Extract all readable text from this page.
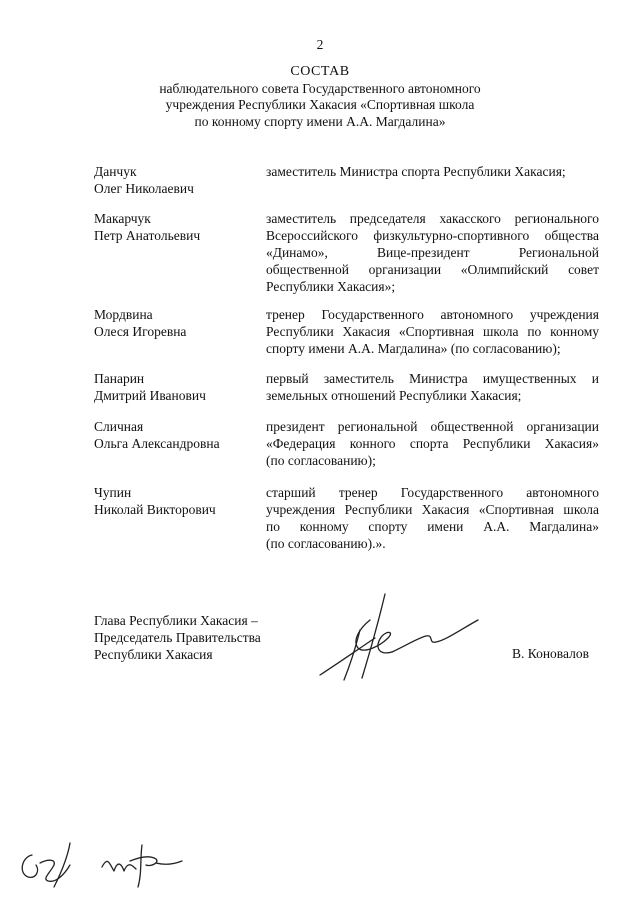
2
СОСТАВ
наблюдательного совета Государственного автономного
учреждения Республики Хакасия «Спортивная школа
по конному спорту имени А.А. Магдалина»
Данчук
Олег Николаевич
заместитель Министра спорта Республики Хакасия;
Макарчук
Петр Анатольевич
заместитель председателя хакасского регионального
Всероссийского физкультурно-спортивного общества
«Динамо», Вице-президент Региональной
общественной организации «Олимпийский совет
Республики Хакасия»;
Мордвина
Олеся Игоревна
тренер Государственного автономного учреждения
Республики Хакасия «Спортивная школа по конному
спорту имени А.А. Магдалина» (по согласованию);
Панарин
Дмитрий Иванович
первый заместитель Министра имущественных и
земельных отношений Республики Хакасия;
Сличная
Ольга Александровна
президент региональной общественной организации
«Федерация конного спорта Республики Хакасия»
(по согласованию);
Чупин
Николай Викторович
старший тренер Государственного автономного
учреждения Республики Хакасия «Спортивная школа
по конному спорту имени А.А. Магдалина»
(по согласованию).».
Глава Республики Хакасия –
Председатель Правительства
Республики Хакасия	В. Коновалов
